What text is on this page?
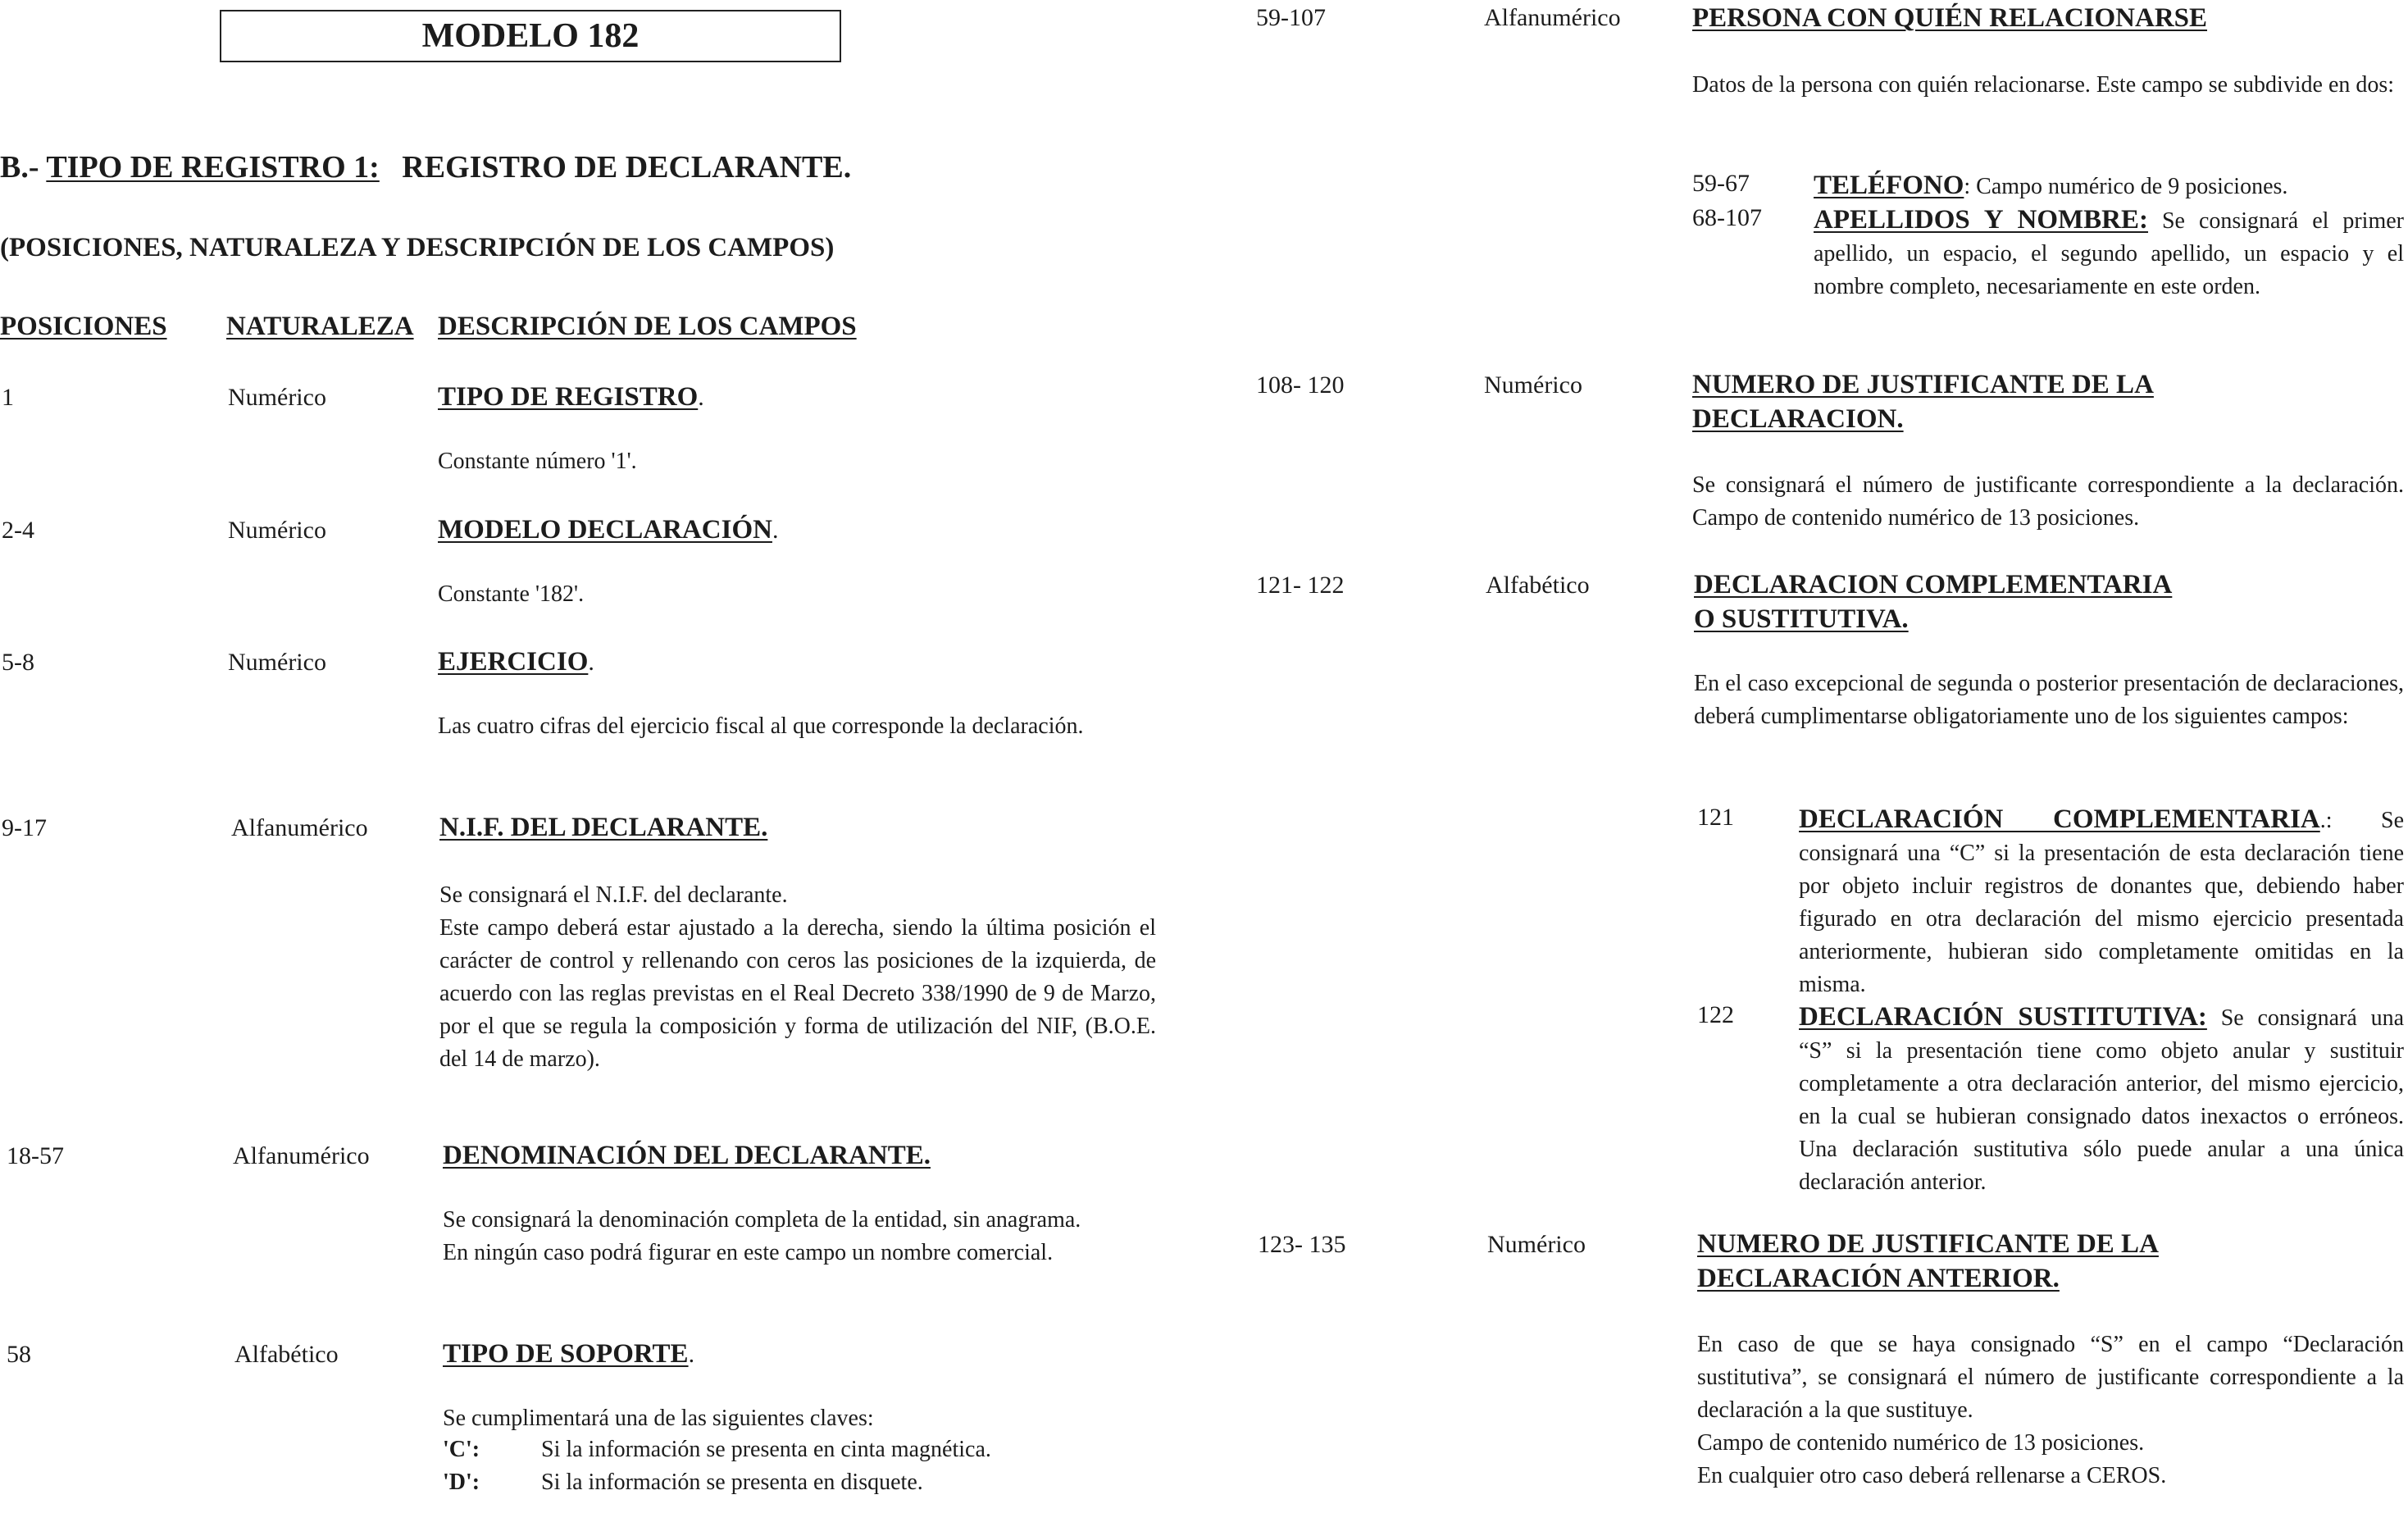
MODELO 182
B.- TIPO DE REGISTRO 1: REGISTRO DE DECLARANTE.
(POSICIONES, NATURALEZA Y DESCRIPCIÓN DE LOS CAMPOS)
POSICIONES NATURALEZA DESCRIPCIÓN DE LOS CAMPOS
1	Numérico	TIPO DE REGISTRO.
Constante número '1'.
2-4	Numérico	MODELO DECLARACIÓN.
Constante '182'.
5-8	Numérico	EJERCICIO.
Las cuatro cifras del ejercicio fiscal al que corresponde la declaración.
9-17	Alfanumérico	N.I.F. DEL DECLARANTE.
Se consignará el N.I.F. del declarante.
Este campo deberá estar ajustado a la derecha, siendo la última posición el carácter de control y rellenando con ceros las posiciones de la izquierda, de acuerdo con las reglas previstas en el Real Decreto 338/1990 de 9 de Marzo, por el que se regula la composición y forma de utilización del NIF, (B.O.E. del 14 de marzo).
18-57	Alfanumérico	DENOMINACIÓN DEL DECLARANTE.
Se consignará la denominación completa de la entidad, sin anagrama.
En ningún caso podrá figurar en este campo un nombre comercial.
58	Alfabético	TIPO DE SOPORTE.
Se cumplimentará una de las siguientes claves:
'C':	Si la información se presenta en cinta magnética.
'D':	Si la información se presenta en disquete.
59-107	Alfanumérico	PERSONA CON QUIÉN RELACIONARSE
Datos de la persona con quién relacionarse. Este campo se subdivide en dos:
59-67 TELÉFONO: Campo numérico de 9 posiciones.
68-107 APELLIDOS Y NOMBRE: Se consignará el primer apellido, un espacio, el segundo apellido, un espacio y el nombre completo, necesariamente en este orden.
108- 120	Numérico	NUMERO DE JUSTIFICANTE DE LA
DECLARACION.
Se consignará el número de justificante correspondiente a la declaración. Campo de contenido numérico de 13 posiciones.
121- 122	Alfabético	DECLARACION COMPLEMENTARIA
O SUSTITUTIVA.
En el caso excepcional de segunda o posterior presentación de declaraciones, deberá cumplimentarse obligatoriamente uno de los siguientes campos:
121 DECLARACIÓN COMPLEMENTARIA.: Se consignará una “C” si la presentación de esta declaración tiene por objeto incluir registros de donantes que, debiendo haber figurado en otra declaración del mismo ejercicio presentada anteriormente, hubieran sido completamente omitidas en la misma.
122 DECLARACIÓN SUSTITUTIVA: Se consignará una “S” si la presentación tiene como objeto anular y sustituir completamente a otra declaración anterior, del mismo ejercicio, en la cual se hubieran consignado datos inexactos o erróneos. Una declaración sustitutiva sólo puede anular a una única declaración anterior.
123- 135	Numérico	NUMERO DE JUSTIFICANTE DE LA
DECLARACIÓN ANTERIOR.
En caso de que se haya consignado “S” en el campo “Declaración sustitutiva”, se consignará el número de justificante correspondiente a la declaración a la que sustituye.
Campo de contenido numérico de 13 posiciones.
En cualquier otro caso deberá rellenarse a CEROS.
